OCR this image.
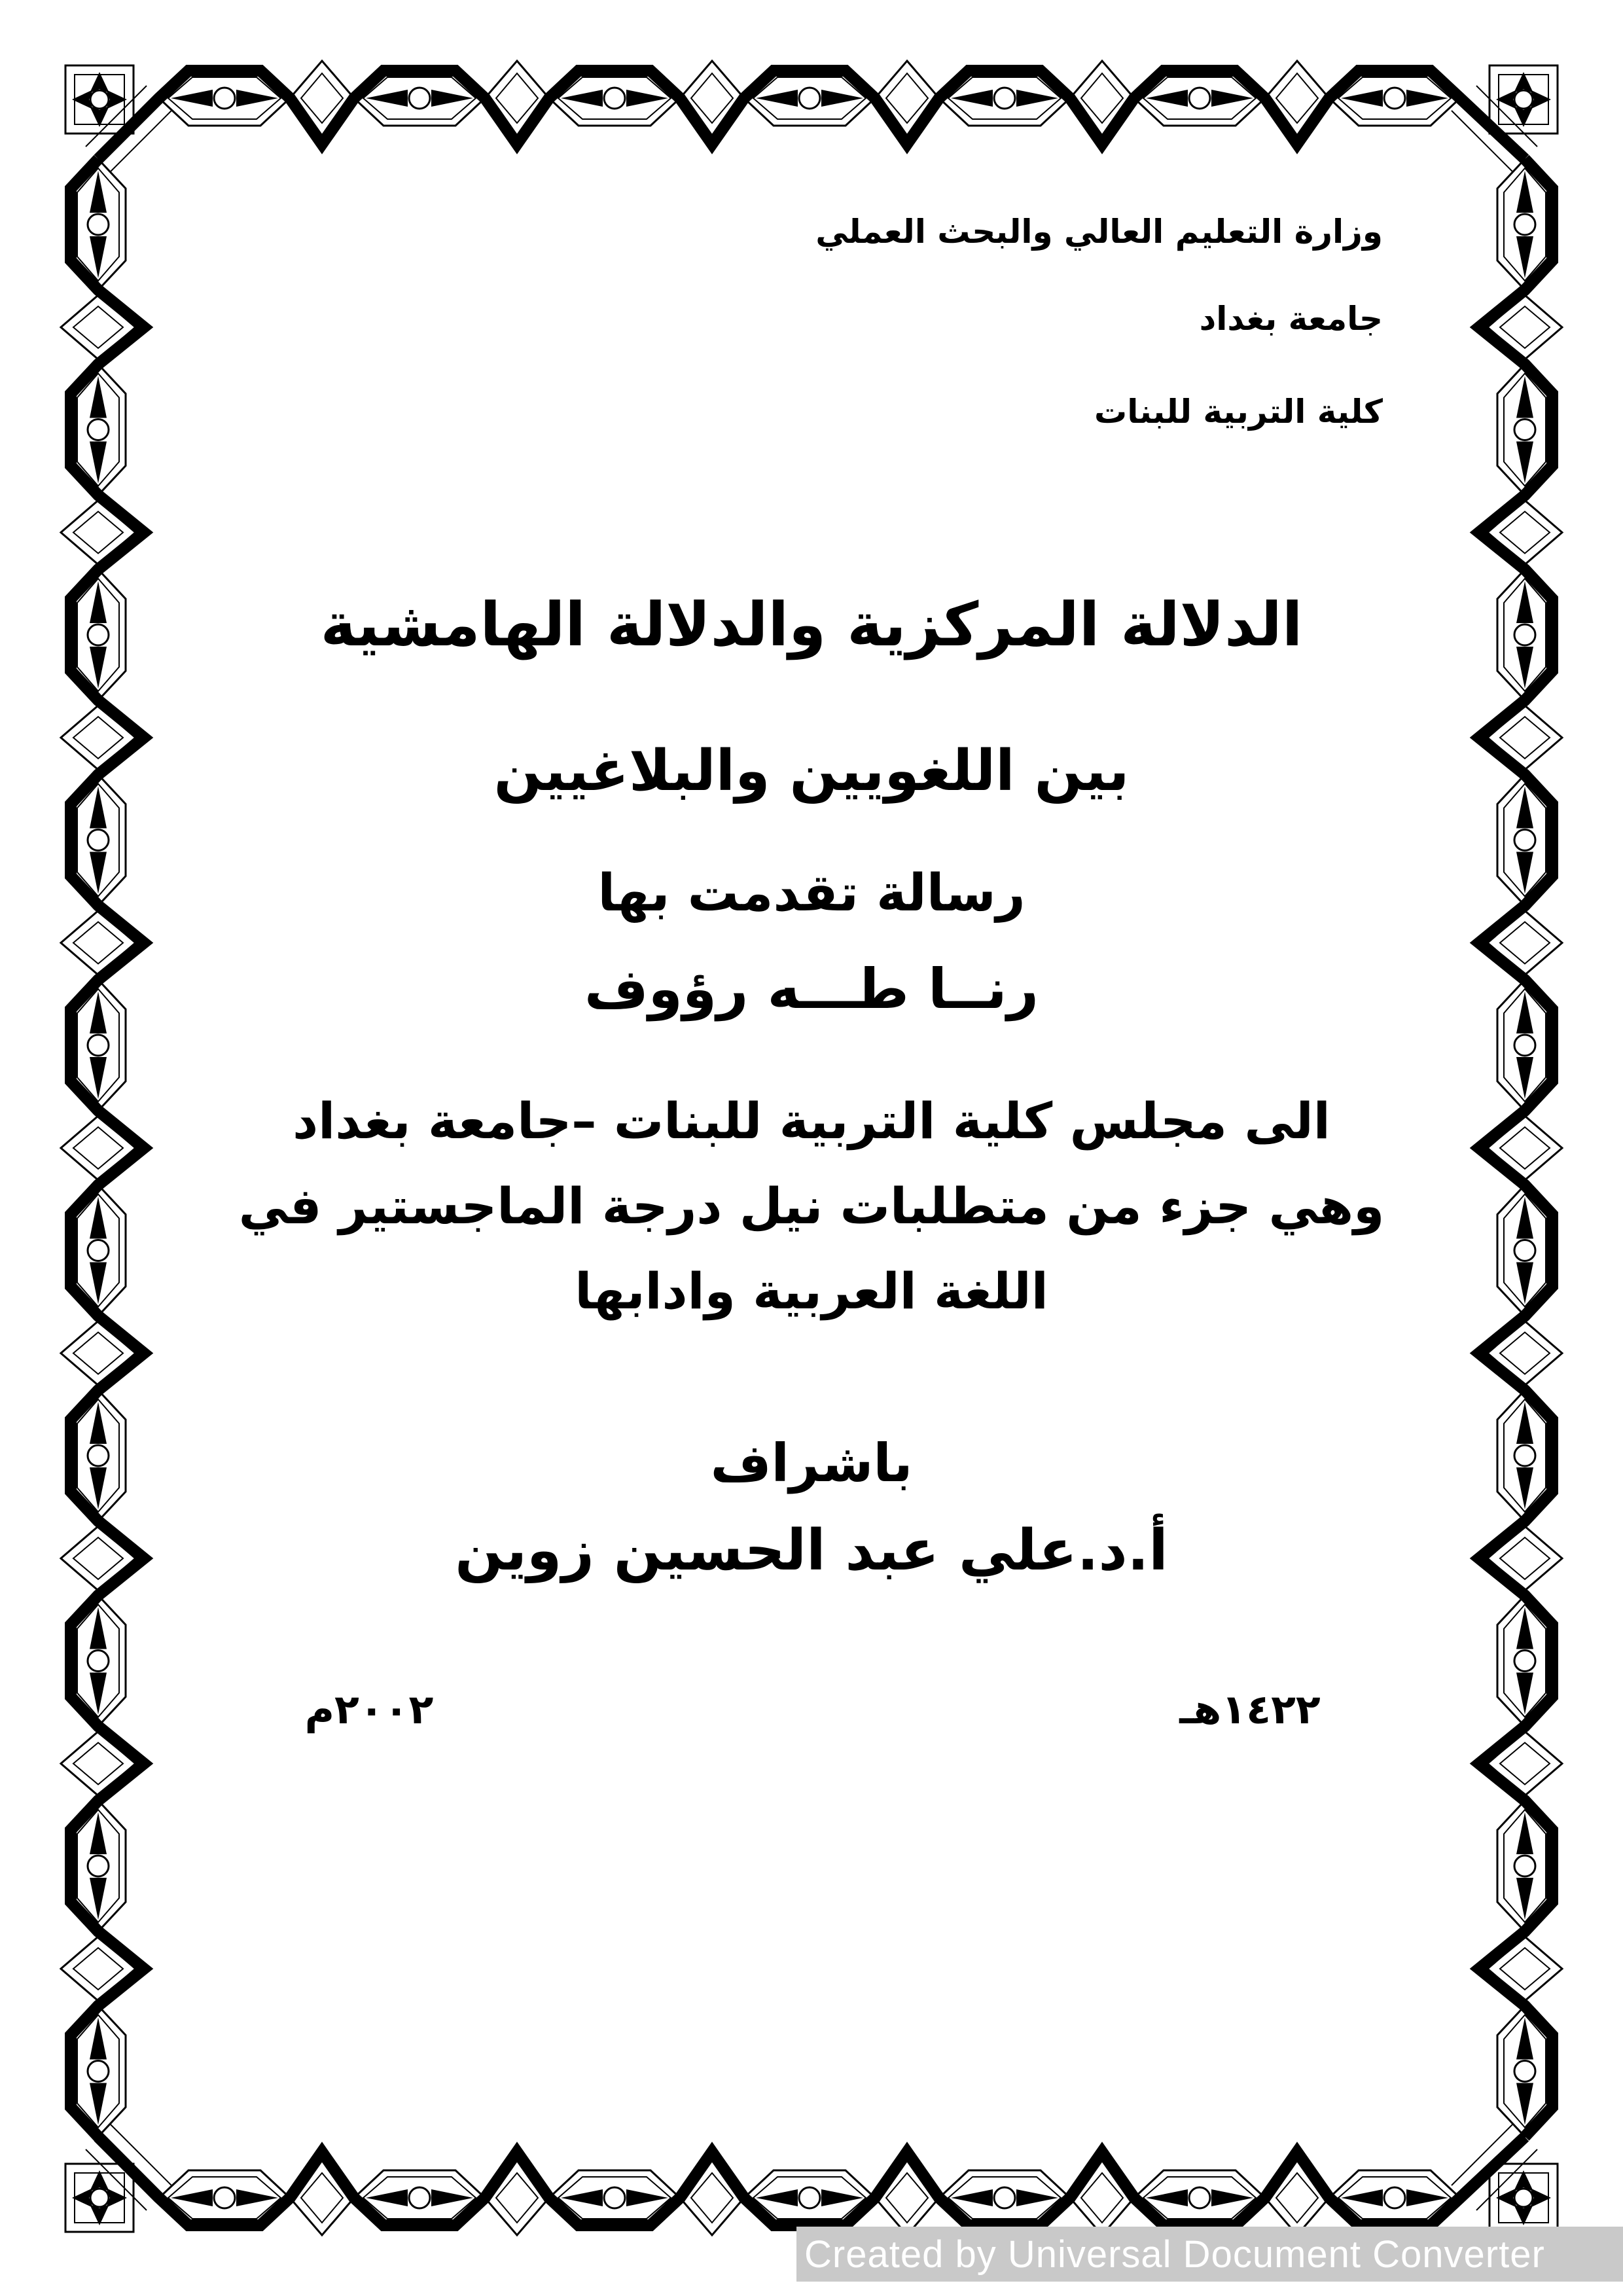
وزارة التعليم العالي والبحث العملي
جامعة بغداد
كلية التربية للبنات
الدلالة المركزية والدلالة الهامشية
بين اللغويين والبلاغيين
رسالة تقدمت بها
رنــا طـــه رؤوف
الى مجلس كلية التربية للبنات –جامعة بغداد
وهي جزء من متطلبات نيل درجة الماجستير في
اللغة العربية وادابها
باشراف
أ.د.علي عبد الحسين زوين
١٤٢٢هـ
٢٠٠٢م
Created by Universal Document Converter
